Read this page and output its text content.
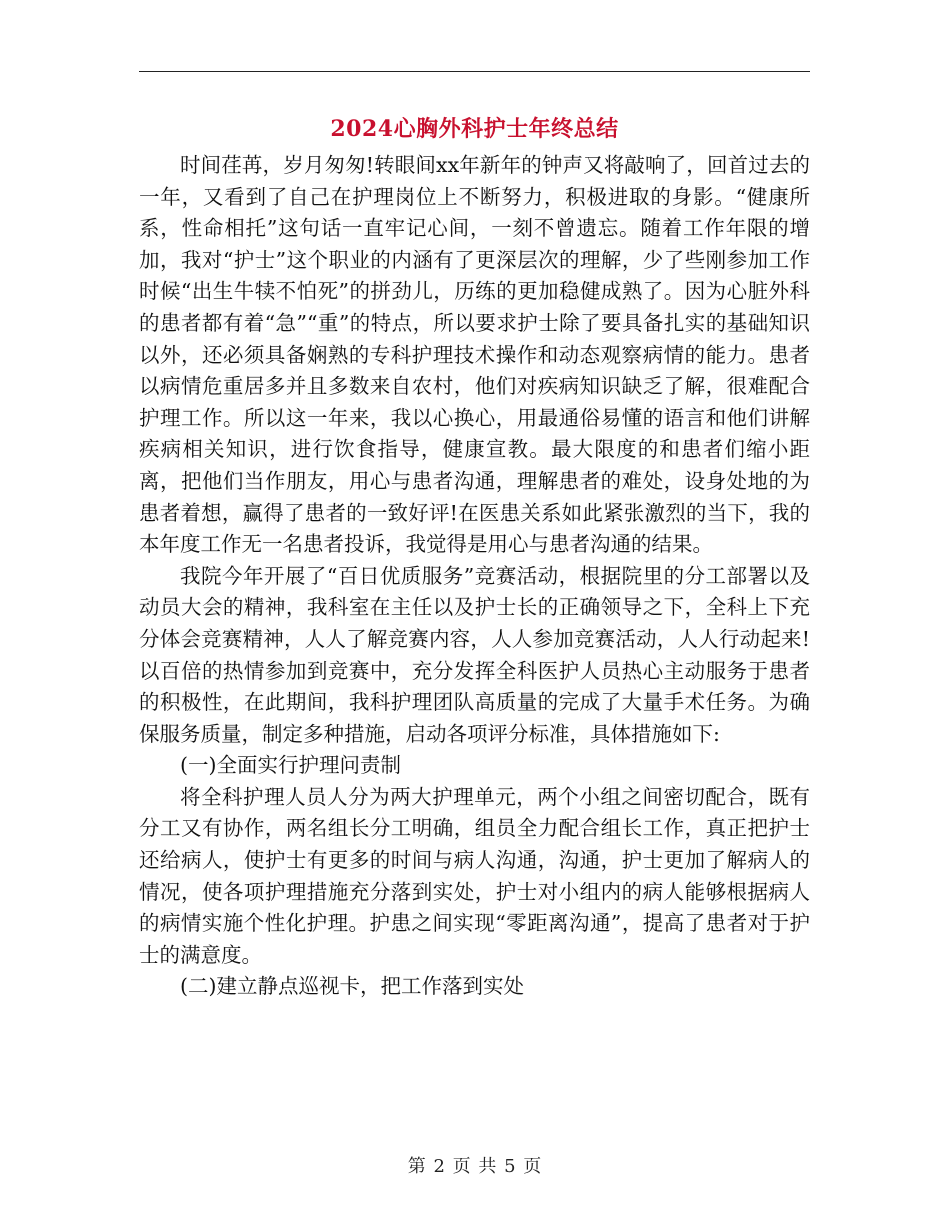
2024心胸外科护士年终总结

时间荏苒，岁月匆匆!转眼间xx年新年的钟声又将敲响了，回首过去的一年，又看到了自己在护理岗位上不断努力，积极进取的身影。“健康所系，性命相托”这句话一直牢记心间，一刻不曾遗忘。随着工作年限的增加，我对“护士”这个职业的内涵有了更深层次的理解，少了些刚参加工作时候“出生牛犊不怕死”的拼劲儿，历练的更加稳健成熟了。因为心脏外科的患者都有着“急”“重”的特点，所以要求护士除了要具备扎实的基础知识以外，还必须具备娴熟的专科护理技术操作和动态观察病情的能力。患者以病情危重居多并且多数来自农村，他们对疾病知识缺乏了解，很难配合护理工作。所以这一年来，我以心换心，用最通俗易懂的语言和他们讲解疾病相关知识，进行饮食指导，健康宣教。最大限度的和患者们缩小距离，把他们当作朋友，用心与患者沟通，理解患者的难处，设身处地的为患者着想，赢得了患者的一致好评!在医患关系如此紧张激烈的当下，我的本年度工作无一名患者投诉，我觉得是用心与患者沟通的结果。

我院今年开展了“百日优质服务”竞赛活动，根据院里的分工部署以及动员大会的精神，我科室在主任以及护士长的正确领导之下，全科上下充分体会竞赛精神，人人了解竞赛内容，人人参加竞赛活动，人人行动起来!以百倍的热情参加到竞赛中，充分发挥全科医护人员热心主动服务于患者的积极性，在此期间，我科护理团队高质量的完成了大量手术任务。为确保服务质量，制定多种措施，启动各项评分标准，具体措施如下:

(一)全面实行护理问责制

将全科护理人员人分为两大护理单元，两个小组之间密切配合，既有分工又有协作，两名组长分工明确，组员全力配合组长工作，真正把护士还给病人，使护士有更多的时间与病人沟通，沟通，护士更加了解病人的情况，使各项护理措施充分落到实处，护士对小组内的病人能够根据病人的病情实施个性化护理。护患之间实现“零距离沟通”，提高了患者对于护士的满意度。

(二)建立静点巡视卡，把工作落到实处

第 2 页 共 5 页
